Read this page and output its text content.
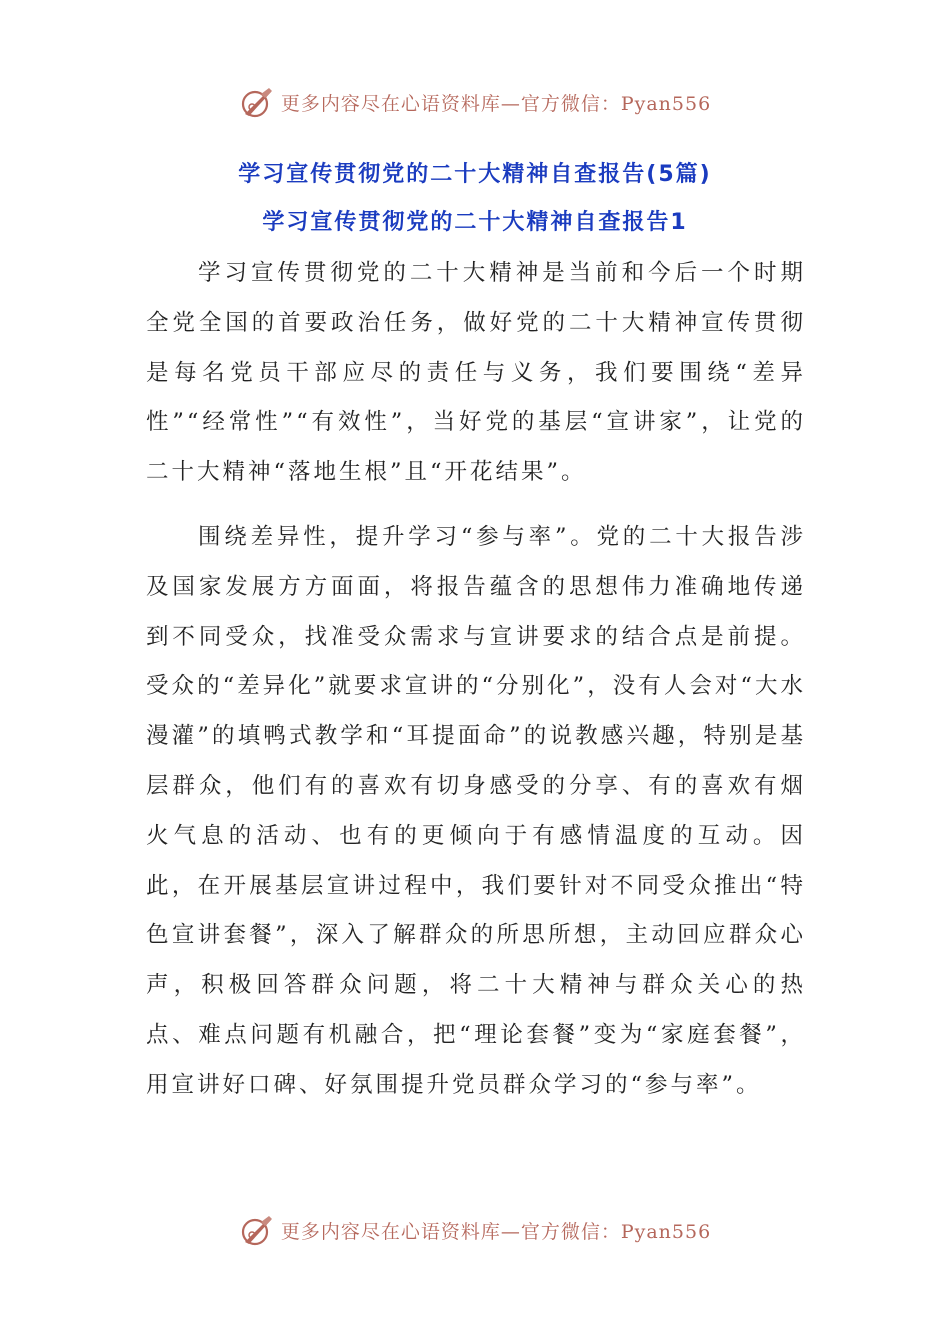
更多内容尽在心语资料库—官方微信：Pyan556
学习宣传贯彻党的二十大精神自查报告(5篇)
学习宣传贯彻党的二十大精神自查报告1

学习宣传贯彻党的二十大精神是当前和今后一个时期全党全国的首要政治任务，做好党的二十大精神宣传贯彻是每名党员干部应尽的责任与义务，我们要围绕“差异性”“经常性”“有效性”，当好党的基层“宣讲家”，让党的二十大精神“落地生根”且“开花结果”。

围绕差异性，提升学习“参与率”。党的二十大报告涉及国家发展方方面面，将报告蕴含的思想伟力准确地传递到不同受众，找准受众需求与宣讲要求的结合点是前提。受众的“差异化”就要求宣讲的“分别化”，没有人会对“大水漫灌”的填鸭式教学和“耳提面命”的说教感兴趣，特别是基层群众，他们有的喜欢有切身感受的分享、有的喜欢有烟火气息的活动、也有的更倾向于有感情温度的互动。因此，在开展基层宣讲过程中，我们要针对不同受众推出“特色宣讲套餐”，深入了解群众的所思所想，主动回应群众心声，积极回答群众问题，将二十大精神与群众关心的热点、难点问题有机融合，把“理论套餐”变为“家庭套餐”，用宣讲好口碑、好氛围提升党员群众学习的“参与率”。

更多内容尽在心语资料库—官方微信：Pyan556
